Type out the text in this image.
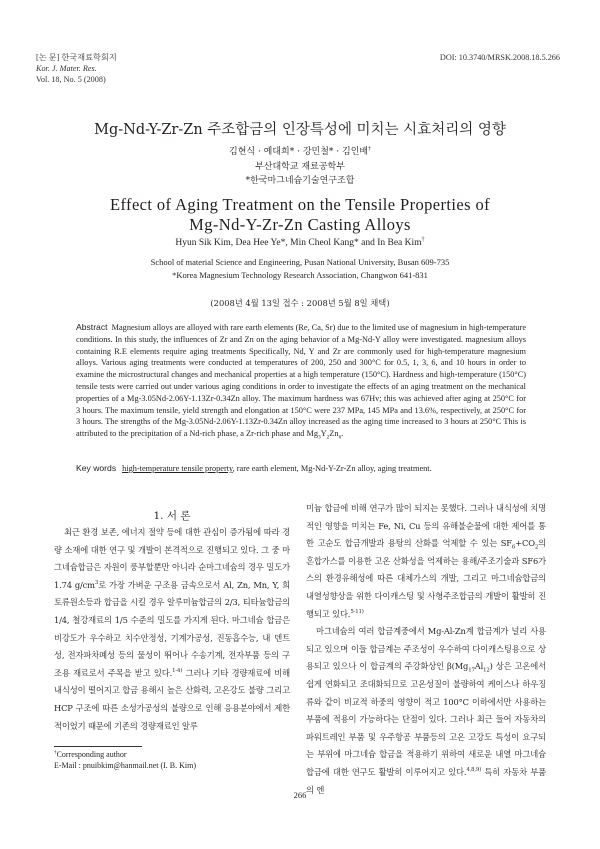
[논 문] 한국재료학회지
Kor. J. Mater. Res.
Vol. 18, No. 5 (2008)
DOI: 10.3740/MRSK.2008.18.5.266
Mg-Nd-Y-Zr-Zn 주조합금의 인장특성에 미치는 시효처리의 영향
김현식 · 예대희* · 강민철* · 김인배†
부산대학교 재료공학부
*한국마그네슘기술연구조합
Effect of Aging Treatment on the Tensile Properties of
Mg-Nd-Y-Zr-Zn Casting Alloys
Hyun Sik Kim, Dea Hee Ye*, Min Cheol Kang* and In Bea Kim†
School of material Science and Engineering, Pusan National University, Busan 609-735
*Korea Magnesium Technology Research Association, Changwon 641-831
(2008년 4월 13일 접수 : 2008년 5월 8일 채택)
Abstract Magnesium alloys are alloyed with rare earth elements (Re, Ca, Sr) due to the limited use of magnesium in high-temperature conditions. In this study, the influences of Zr and Zn on the aging behavior of a Mg-Nd-Y alloy were investigated. magnesium alloys containing R.E elements require aging treatments Specifically, Nd, Y and Zr are commonly used for high-temperature magnesium alloys. Various aging treatments were conducted at temperatures of 200, 250 and 300°C for 0.5, 1, 3, 6, and 10 hours in order to examine the microstructural changes and mechanical properties at a high temperature (150°C). Hardness and high-temperature (150°C) tensile tests were carried out under various aging conditions in order to investigate the effects of an aging treatment on the mechanical properties of a Mg-3.05Nd-2.06Y-1.13Zr-0.34Zn alloy. The maximum hardness was 67Hv; this was achieved after aging at 250°C for 3 hours. The maximum tensile, yield strength and elongation at 150°C were 237 MPa, 145 MPa and 13.6%, respectively, at 250°C for 3 hours. The strengths of the Mg-3.05Nd-2.06Y-1.13Zr-0.34Zn alloy increased as the aging time increased to 3 hours at 250°C This is attributed to the precipitation of a Nd-rich phase, a Zr-rich phase and $Mg_3Y_2Zn_6$.
Key words high-temperature tensile property, rare earth element, Mg-Nd-Y-Zr-Zn alloy, aging treatment.
1. 서 론

최근 환경 보존, 에너지 절약 등에 대한 관심이 증가됨에 따라 경량 소재에 대한 연구 및 개발이 본격적으로 진행되고 있다. 그 중 마그네슘합금은 자원이 풍부할뿐만 아니라 순마그네슘의 경우 밀도가 1.74 $g/cm^3$로 가장 가벼운 구조용 금속으로서 Al, Zn, Mn, Y, 희토류원소등과 합금을 시킬 경우 알루미늄합금의 2/3, 티타늄합금의 1/4, 철강재료의 1/5 수준의 밀도를 가지게 된다. 마그네슘 합금은 비강도가 우수하고 치수안정성, 기계가공성, 진동흡수능, 내 덴트성, 전자파차폐성 등의 물성이 뛰어나 수송기계, 전자부품 등의 구조용 재료로서 주목을 받고 있다.$^{1-4)}$ 그러나 기타 경량재료에 비해 내식성이 떨어지고 합금 용해시 높은 산화력, 고온강도 불량 그리고 HCP 구조에 따른 소성가공성의 불량으로 인해 응용분야에서 제한적이었기 때문에 기존의 경량재료인 알루

†Corresponding author
E-Mail : pnuibkim@hanmail.net (I. B. Kim)

미늄 합금에 비해 연구가 많이 되지는 못했다. 그러나 내식성에 치명적인 영향을 미치는 Fe, Ni, Cu 등의 유해불순물에 대한 제어를 통한 고순도 합금개발과 용탕의 산화를 억제할 수 있는 $SF_6+CO_2$의 혼합가스를 이용한 고온 산화성을 억제하는 용해/주조기술과 SF6가스의 환경유해성에 따른 대체가스의 개발, 그리고 마그네슘합금의 내열성향상을 위한 다이캐스팅 및 사형주조합금의 개발이 활발히 진행되고 있다.$^{5-11)}$

마그네슘의 여러 합금계중에서 Mg-Al-Zn계 합금계가 널리 사용되고 있으며 이들 합금계는 주조성이 우수하여 다이캐스팅용으로 상용되고 있으나 이 합금계의 주강화상인 $\beta(Mg_{17}Al_{12})$ 상은 고온에서 쉽게 연화되고 조대화되므로 고온성질이 불량하여 케이스나 하우징류와 같이 비교적 하중의 영향이 적고 100°C 이하에서만 사용하는 부품에 적용이 가능하다는 단점이 있다. 그러나 최근 들어 자동차의 파워트레인 부품 및 우주항공 부품등의 고온 고강도 특성이 요구되는 부위에 마그네슘 합금을 적용하기 위하여 새로운 내열 마그네슘 합금에 대한 연구도 활발히 이루어지고 있다.$^{4,8,9)}$ 특히 자동차 부품의 엔

266
